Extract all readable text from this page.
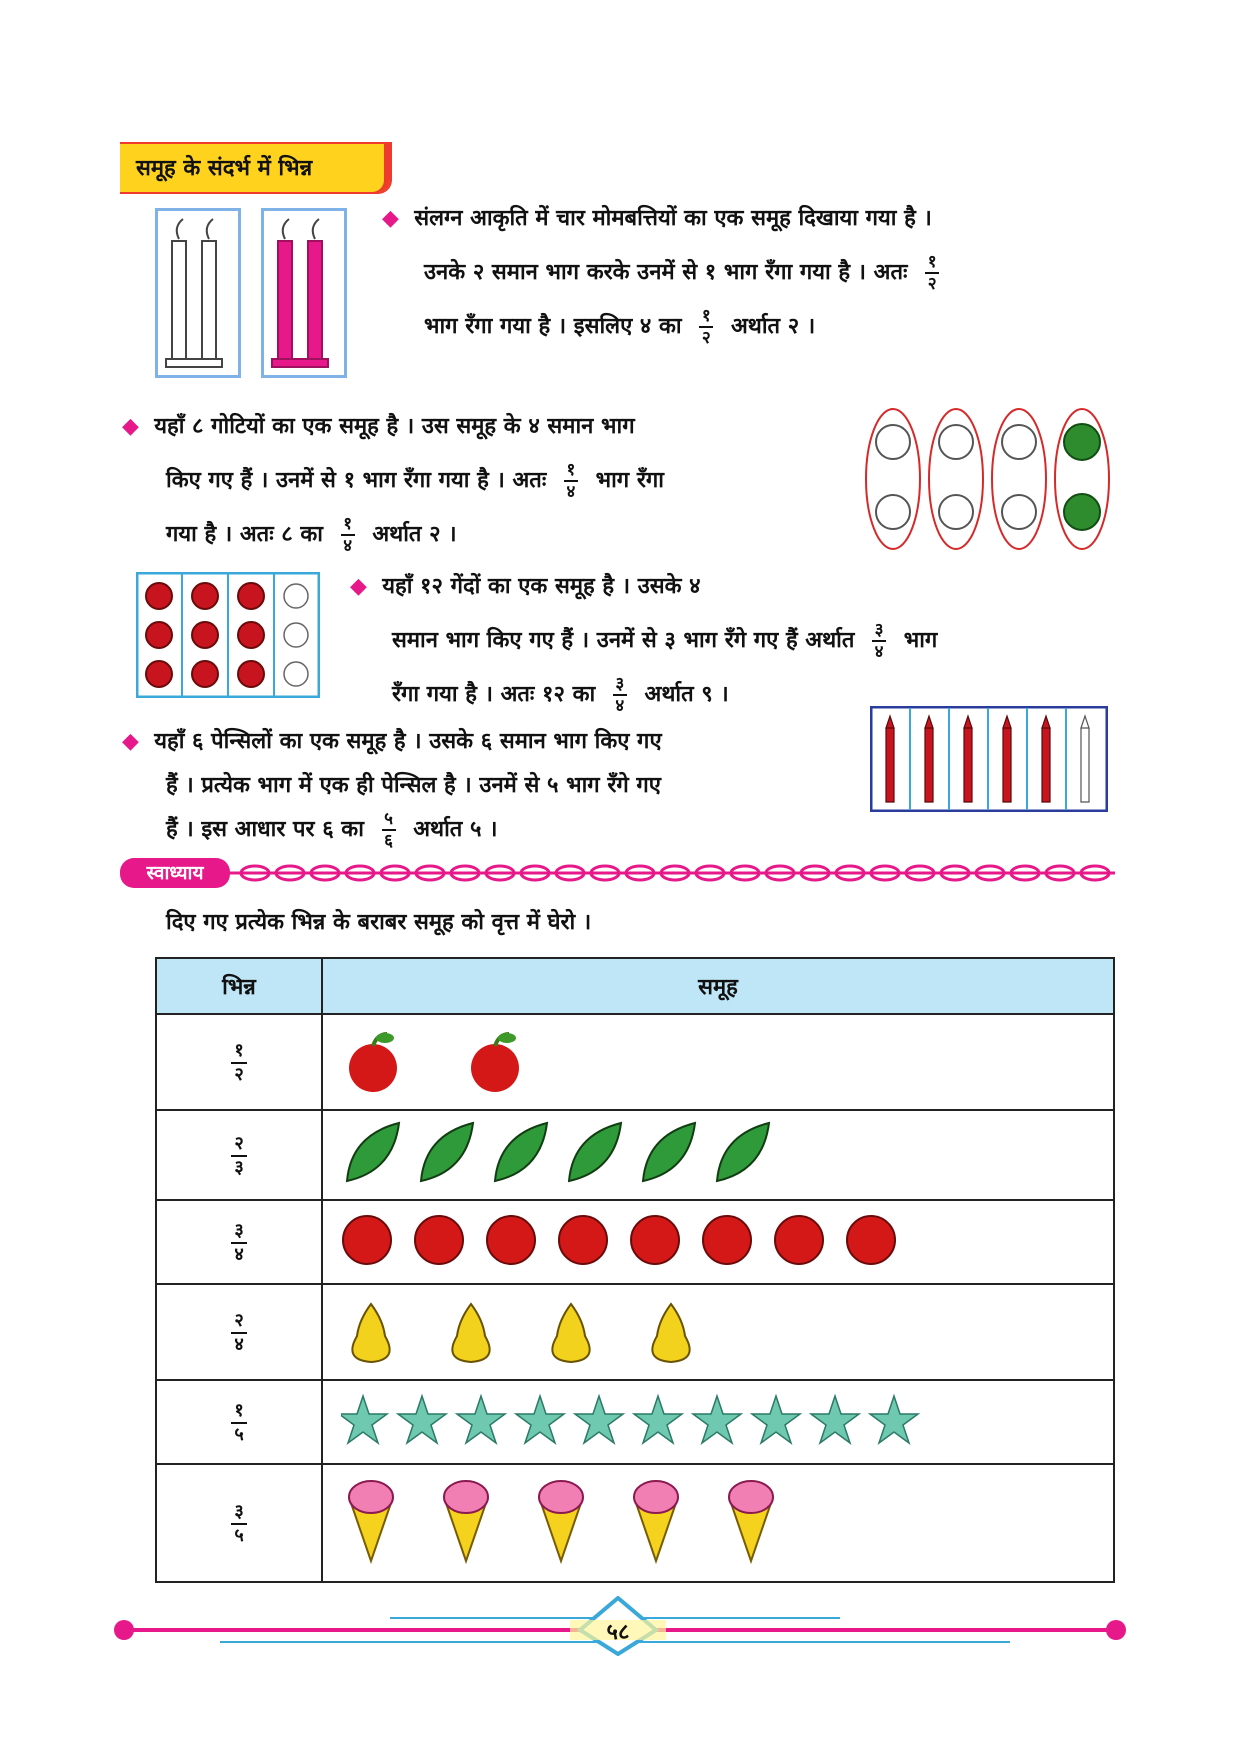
समूह के संदर्भ में भिन्न
◆ संलग्न आकृति में चार मोमबत्तियों का एक समूह दिखाया गया है ।
उनके २ समान भाग करके उनमें से १ भाग रँगा गया है । अतः $\frac{१}{२}$
भाग रँगा गया है । इसलिए ४ का $\frac{१}{२}$ अर्थात २ ।
◆ यहाँ ८ गोटियों का एक समूह है । उस समूह के ४ समान भाग
किए गए हैं । उनमें से १ भाग रँगा गया है । अतः $\frac{१}{४}$ भाग रँगा
गया है । अतः ८ का $\frac{१}{४}$ अर्थात २ ।
◆ यहाँ १२ गेंदों का एक समूह है । उसके ४
समान भाग किए गए हैं । उनमें से ३ भाग रँगे गए हैं अर्थात $\frac{३}{४}$ भाग
रँगा गया है । अतः १२ का $\frac{३}{४}$ अर्थात ९ ।
◆ यहाँ ६ पेन्सिलों का एक समूह है । उसके ६ समान भाग किए गए
हैं । प्रत्येक भाग में एक ही पेन्सिल है । उनमें से ५ भाग रँगे गए
हैं । इस आधार पर ६ का $\frac{५}{६}$ अर्थात ५ ।
स्वाध्याय
दिए गए प्रत्येक भिन्न के बराबर समूह को वृत्त में घेरो ।
भिन्न	समूह

१
२

२
३

३
४

२
४

१
५

३
५

५८
